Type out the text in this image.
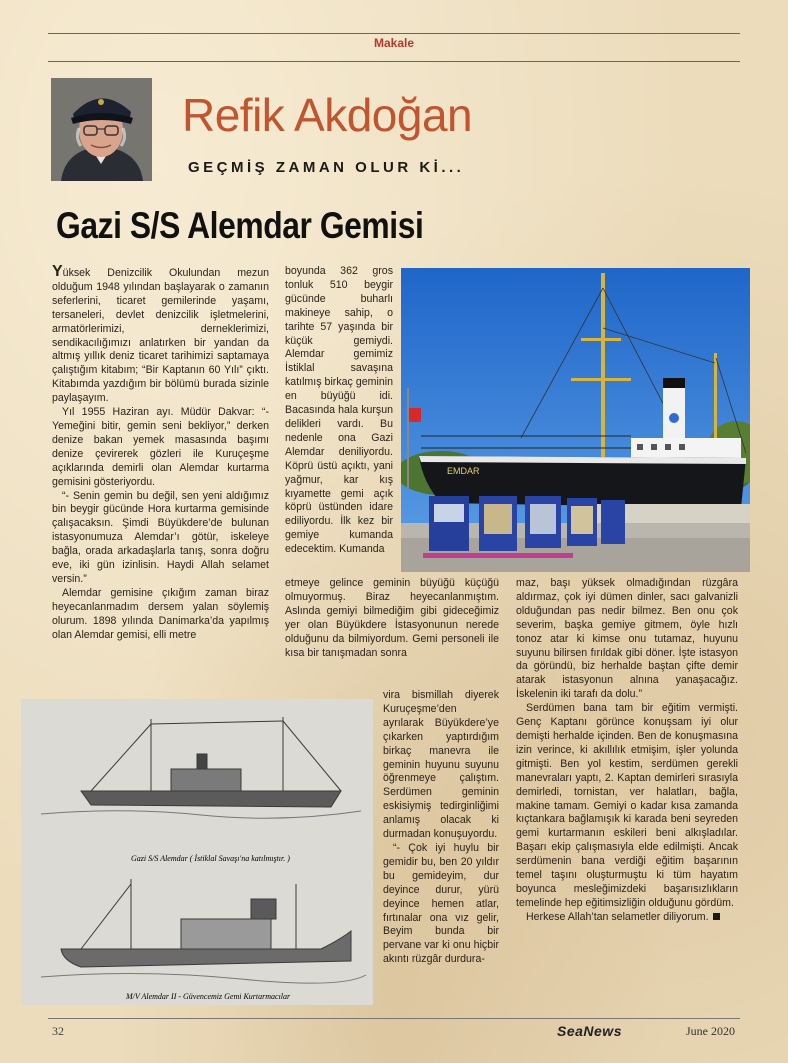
Makale
Refik Akdoğan
GEÇMİŞ ZAMAN OLUR Kİ...
Gazi S/S Alemdar Gemisi

Yüksek Denizcilik Okulundan mezun olduğum 1948 yılından başlayarak o zamanın seferlerini, ticaret gemilerinde yaşamı, tersaneleri, devlet denizcilik işletmelerini, armatörlerimizi, derneklerimizi, sendikacılığımızı anlatırken bir yandan da altmış yıllık deniz ticaret tarihimizi saptamaya çalıştığım kitabım; “Bir Kaptanın 60 Yılı” çıktı. Kitabımda yazdığım bir bölümü burada sizinle paylaşayım.

Yıl 1955 Haziran ayı. Müdür Dakvar: “- Yemeğini bitir, gemin seni bekliyor,” derken denize bakan yemek masasında başımı denize çevirerek gözleri ile Kuruçeşme açıklarında demirli olan Alemdar kurtarma gemisini gösteriyordu.

“- Senin gemin bu değil, sen yeni aldığımız bin beygir gücünde Hora kurtarma gemisinde çalışacaksın. Şimdi Büyükdere’de bulunan istasyonumuza Alemdar’ı götür, iskeleye bağla, orada arkadaşlarla tanış, sonra doğru eve, iki gün izinlisin. Haydi Allah selamet versin.”

Alemdar gemisine çıkığım zaman biraz heyecanlanmadım dersem yalan söylemiş olurum. 1898 yılında Danimarka’da yapılmış olan Alemdar gemisi, elli metre

boyunda 362 gros tonluk 510 beygir gücünde buharlı makineye sahip, o tarihte 57 yaşında bir küçük gemiydi. Alemdar gemimiz İstiklal savaşına katılmış birkaç geminin en büyüğü idi. Bacasında hala kurşun delikleri vardı. Bu nedenle ona Gazi Alemdar deniliyordu. Köprü üstü açıktı, yani yağmur, kar kış kıyamette gemi açık köprü üstünden idare ediliyordu. İlk kez bir gemiye kumanda edecektim. Kumanda

etmeye gelince geminin büyüğü küçüğü olmuyormuş. Biraz heyecanlanmıştım. Aslında gemiyi bilmediğim gibi gideceğimiz yer olan Büyükdere İstasyonunun nerede olduğunu da bilmiyordum. Gemi personeli ile kısa bir tanışmadan sonra

vira bismillah diyerek Kuruçeşme’den ayrılarak Büyükdere’ye çıkarken yaptırdığım birkaç manevra ile geminin huyunu suyunu öğrenmeye çalıştım. Serdümen geminin eskisiymiş tedirginliğimi anlamış olacak ki durmadan konuşuyordu.

“- Çok iyi huylu bir gemidir bu, ben 20 yıldır bu gemideyim, dur deyince durur, yürü deyince hemen atlar, fırtınalar ona vız gelir, Beyim bunda bir pervane var ki onu hiçbir akıntı rüzgâr durdura-

maz, başı yüksek olmadığından rüzgâra aldırmaz, çok iyi dümen dinler, sacı galvanizli olduğundan pas nedir bilmez. Ben onu çok severim, başka gemiye gitmem, öyle hızlı tonoz atar ki kimse onu tutamaz, huyunu suyunu bilirsen fırıldak gibi döner. İşte istasyon da göründü, biz herhalde baştan çifte demir atarak istasyonun alnına yanaşacağız. İskelenin iki tarafı da dolu.”

Serdümen bana tam bir eğitim vermişti. Genç Kaptanı görünce konuşsam iyi olur demişti herhalde içinden. Ben de konuşmasına izin verince, ki akıllılık etmişim, işler yolunda gitmişti. Ben yol kestim, serdümen gerekli manevraları yaptı, 2. Kaptan demirleri sırasıyla demirledi, tornistan, ver halatları, bağla, makine tamam. Gemiyi o kadar kısa zamanda kıçtankara bağlamışık ki karada beni seyreden gemi kurtarmanın eskileri beni alkışladılar. Başarı ekip çalışmasıyla elde edilmişti. Ancak serdümenin bana verdiği eğitim başarının temel taşını oluşturmuştu ki tüm hayatım boyunca mesleğimizdeki başarısızlıkların temelinde hep eğitimsizliğin olduğunu gördüm.

Herkese Allah’tan selametler diliyorum.

EMDAR
Gazi S/S Alemdar ( İstiklal Savaşı'na katılmıştır. )
M/V Alemdar II - Güvencemiz Gemi Kurtarmacılar
32	SeaNews	June 2020
